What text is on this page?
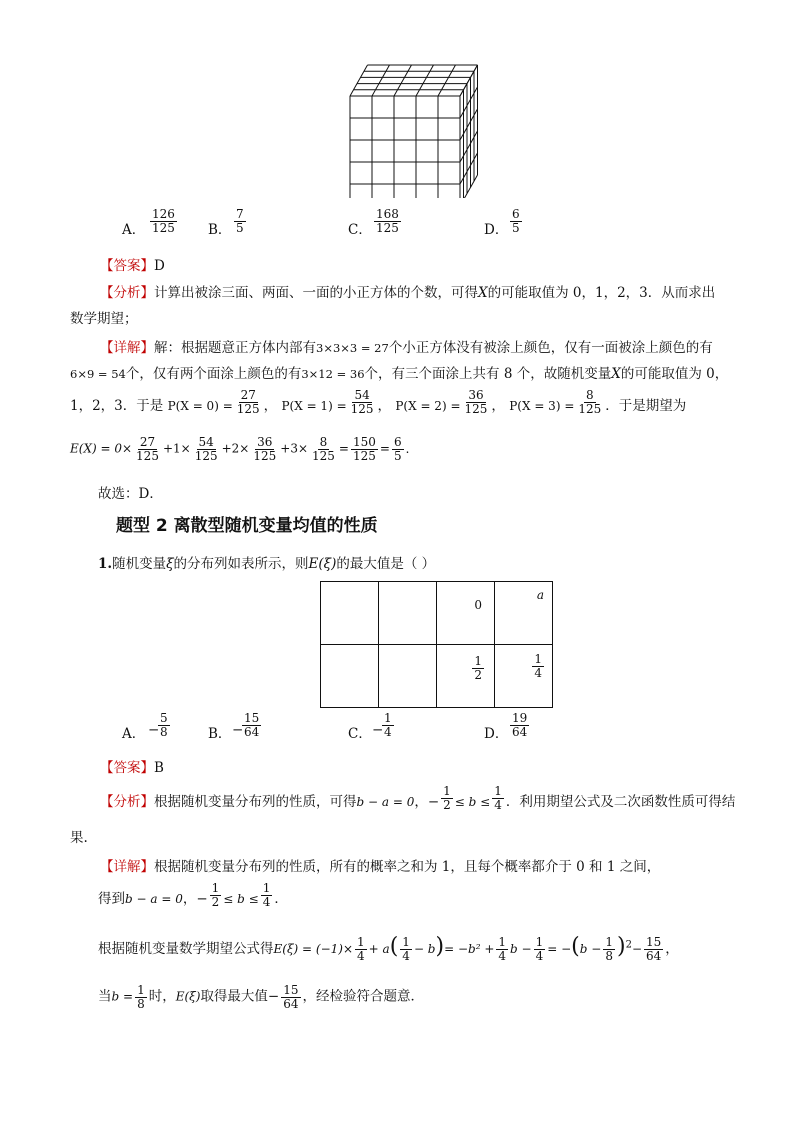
A． $\frac{126}{125}$ B． $\frac{7}{5}$	C． $\frac{168}{125}$	D． $\frac{6}{5}$
【答案】D
【分析】计算出被涂三面、两面、一面的小正方体的个数，可得X的可能取值为 0，1，2，3．从而求出
数学期望；
【详解】解：根据题意正方体内部有3×3×3 = 27个小正方体没有被涂上颜色，仅有一面被涂上颜色的有
6×9 = 54个，仅有两个面涂上颜色的有3×12 = 36个，有三个面涂上共有 8 个，故随机变量X的可能取值为 0，
1，2，3．于是 $P(X = 0) = \frac{27}{125}$ ， $P(X = 1) = \frac{54}{125}$ ， $P(X = 2) = \frac{36}{125}$ ， $P(X = 3) = \frac{8}{125}$ ．于是期望为
$E(X) = 0\times \frac{27}{125} +1\times \frac{54}{125} +2\times \frac{36}{125} +3\times \frac{8}{125} = \frac{150}{125} = \frac{6}{5}$ ．
故选：D．
题型 2 离散型随机变量均值的性质
1.随机变量ξ的分布列如表所示，则E(ξ)的最大值是（ ）

		0	a

		$\frac{1}{2}$	$\frac{1}{4}$
A． −
$\frac{5}{8}$	B． −
$\frac{15}{64}$	C． −
$\frac{1}{4}$	D． $\frac{19}{64}$
【答案】B
【分析】根据随机变量分布列的性质，可得b − a = 0，− $\frac{1}{2} \le b \le \frac{1}{4}$ ．利用期望公式及二次函数性质可得结
果.
【详解】根据随机变量分布列的性质，所有的概率之和为 1，且每个概率都介于 0 和 1 之间，
得到b − a = 0，− $\frac{1}{2} \le b \le \frac{1}{4}$ ．
根据随机变量数学期望公式得$E(\xi) = (-1)\times \frac{1}{4} + a( \frac{1}{4} - b)= -b^2 + \frac{1}{4}$ $b - \frac{1}{4} = -(b - \frac{1}{8} )^2- \frac{15}{64}$ ，
当$b = \frac{1}{8}$ 时，E(ξ)取得最大值− $\frac{15}{64}$ ，经检验符合题意．
